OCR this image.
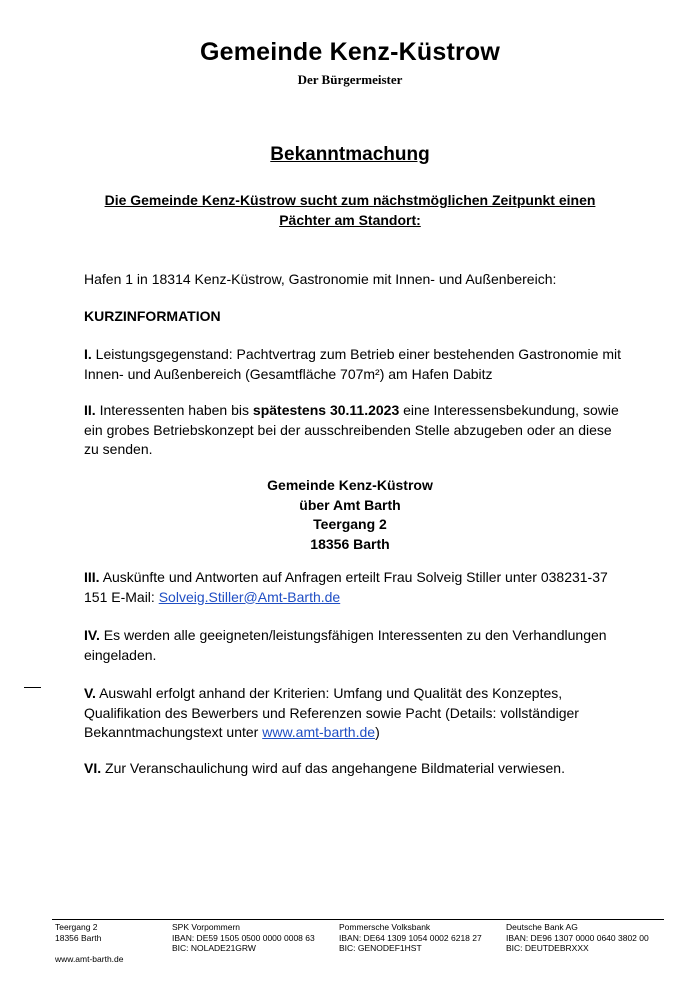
Gemeinde Kenz-Küstrow
Der Bürgermeister
Bekanntmachung
Die Gemeinde Kenz-Küstrow sucht zum nächstmöglichen Zeitpunkt einen Pächter am Standort:
Hafen 1 in 18314 Kenz-Küstrow, Gastronomie mit Innen- und Außenbereich:
KURZINFORMATION
I. Leistungsgegenstand: Pachtvertrag zum Betrieb einer bestehenden Gastronomie mit Innen- und Außenbereich (Gesamtfläche 707m²) am Hafen Dabitz
II. Interessenten haben bis spätestens 30.11.2023 eine Interessensbekundung, sowie ein grobes Betriebskonzept bei der ausschreibenden Stelle abzugeben oder an diese zu senden.
Gemeinde Kenz-Küstrow
über Amt Barth
Teergang 2
18356 Barth
III. Auskünfte und Antworten auf Anfragen erteilt Frau Solveig Stiller unter 038231-37 151 E-Mail: Solveig.Stiller@Amt-Barth.de
IV. Es werden alle geeigneten/leistungsfähigen Interessenten zu den Verhandlungen eingeladen.
V. Auswahl erfolgt anhand der Kriterien: Umfang und Qualität des Konzeptes, Qualifikation des Bewerbers und Referenzen sowie Pacht (Details: vollständiger Bekanntmachungstext unter www.amt-barth.de)
VI. Zur Veranschaulichung wird auf das angehangene Bildmaterial verwiesen.
Teergang 2
18356 Barth
www.amt-barth.de
SPK Vorpommern
IBAN: DE59 1505 0500 0000 0008 63
BIC: NOLADE21GRW
Pommersche Volksbank
IBAN: DE64 1309 1054 0002 6218 27
BIC: GENODEF1HST
Deutsche Bank AG
IBAN: DE96 1307 0000 0640 3802 00
BIC: DEUTDEBRXXX
